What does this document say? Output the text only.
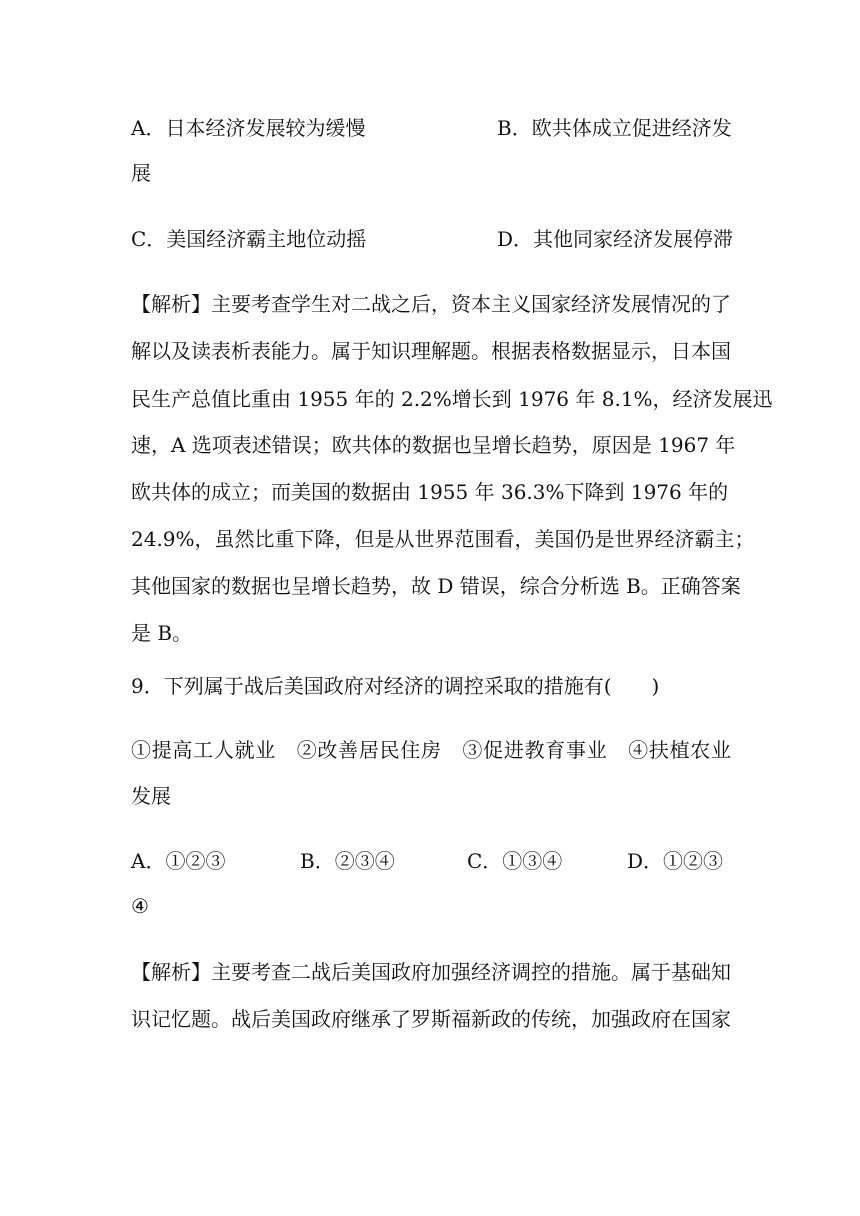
A．日本经济发展较为缓慢	B．欧共体成立促进经济发
展
C．美国经济霸主地位动摇	D．其他同家经济发展停滞
【解析】主要考查学生对二战之后，资本主义国家经济发展情况的了
解以及读表析表能力。属于知识理解题。根据表格数据显示，日本国
民生产总值比重由 1955 年的 2.2%增长到 1976 年 8.1%，经济发展迅
速，A 选项表述错误；欧共体的数据也呈增长趋势，原因是 1967 年
欧共体的成立；而美国的数据由 1955 年 36.3%下降到 1976 年的
24.9%，虽然比重下降，但是从世界范围看，美国仍是世界经济霸主；
其他国家的数据也呈增长趋势，故 D 错误，综合分析选 B。正确答案
是 B。
9．下列属于战后美国政府对经济的调控采取的措施有(　　)
①提高工人就业　②改善居民住房　③促进教育事业　④扶植农业
发展
A．①②③	B．②③④	C．①③④	D．①②③
④
【解析】主要考查二战后美国政府加强经济调控的措施。属于基础知
识记忆题。战后美国政府继承了罗斯福新政的传统，加强政府在国家
